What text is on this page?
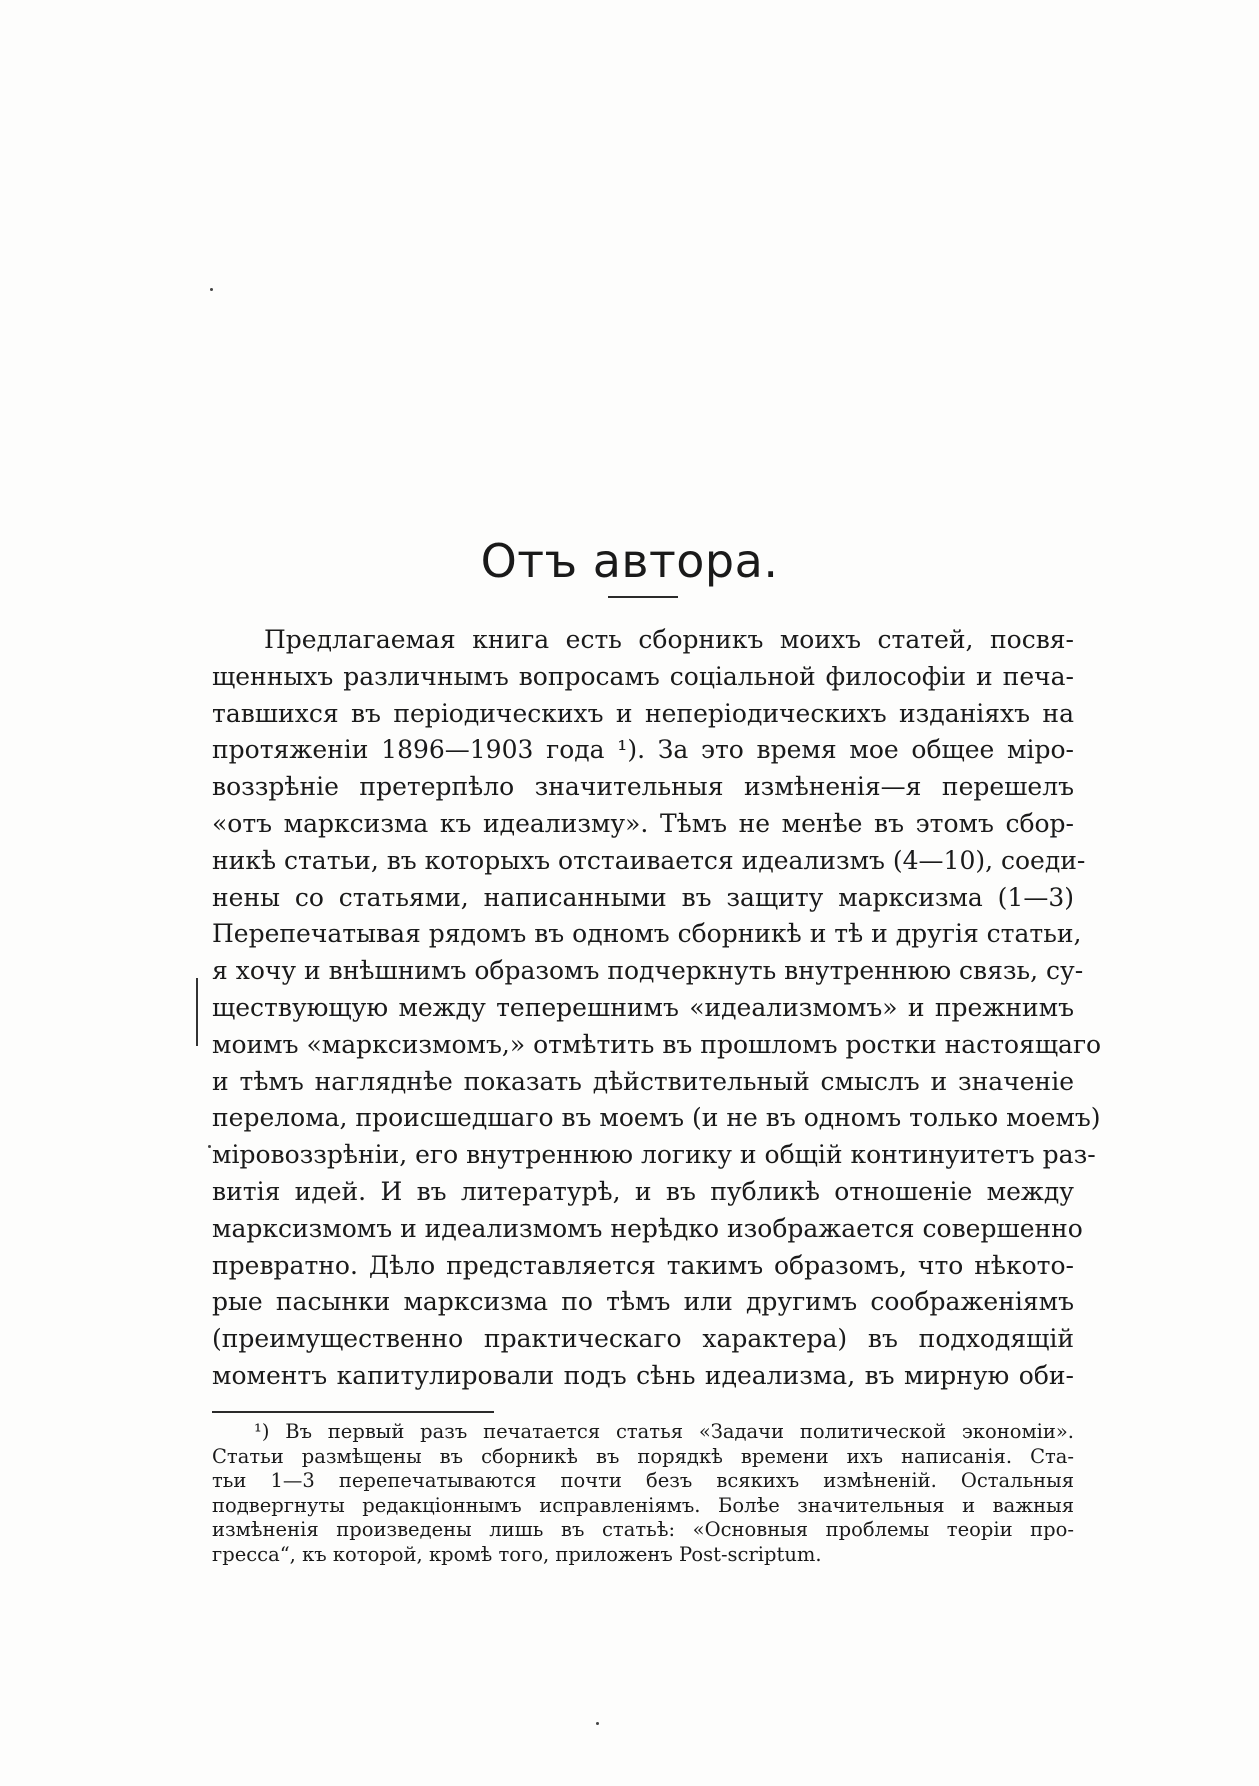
Отъ автора.
Предлагаемая книга есть сборникъ моихъ статей, посвя-
щенныхъ различнымъ вопросамъ соціальной философіи и печа-
тавшихся въ періодическихъ и неперіодическихъ изданіяхъ на
протяженіи 1896—1903 года ¹). За это время мое общее міро-
воззрѣніе претерпѣло значительныя измѣненія—я перешелъ
«отъ марксизма къ идеализму». Тѣмъ не менѣе въ этомъ сбор-
никѣ статьи, въ которыхъ отстаивается идеализмъ (4—10), соеди-
нены со статьями, написанными въ защиту марксизма (1—3)
Перепечатывая рядомъ въ одномъ сборникѣ и тѣ и другія статьи,
я хочу и внѣшнимъ образомъ подчеркнуть внутреннюю связь, су-
ществующую между теперешнимъ «идеализмомъ» и прежнимъ
моимъ «марксизмомъ,» отмѣтить въ прошломъ ростки настоящаго
и тѣмъ нагляднѣе показать дѣйствительный смыслъ и значеніе
перелома, происшедшаго въ моемъ (и не въ одномъ только моемъ)
міровоззрѣніи, его внутреннюю логику и общій континуитетъ раз-
витія идей. И въ литературѣ, и въ публикѣ отношеніе между
марксизмомъ и идеализмомъ нерѣдко изображается совершенно
превратно. Дѣло представляется такимъ образомъ, что нѣкото-
рые пасынки марксизма по тѣмъ или другимъ соображеніямъ
(преимущественно практическаго характера) въ подходящій
моментъ капитулировали подъ сѣнь идеализма, въ мирную оби-
¹) Въ первый разъ печатается статья «Задачи политической экономіи».
Статьи размѣщены въ сборникѣ въ порядкѣ времени ихъ написанія. Ста-
тьи 1—3 перепечатываются почти безъ всякихъ измѣненій. Остальныя
подвергнуты редакціоннымъ исправленіямъ. Болѣе значительныя и важныя
измѣненія произведены лишь въ статьѣ: «Основныя проблемы теоріи про-
гресса“, къ которой, кромѣ того, приложенъ Post-scriptum.
